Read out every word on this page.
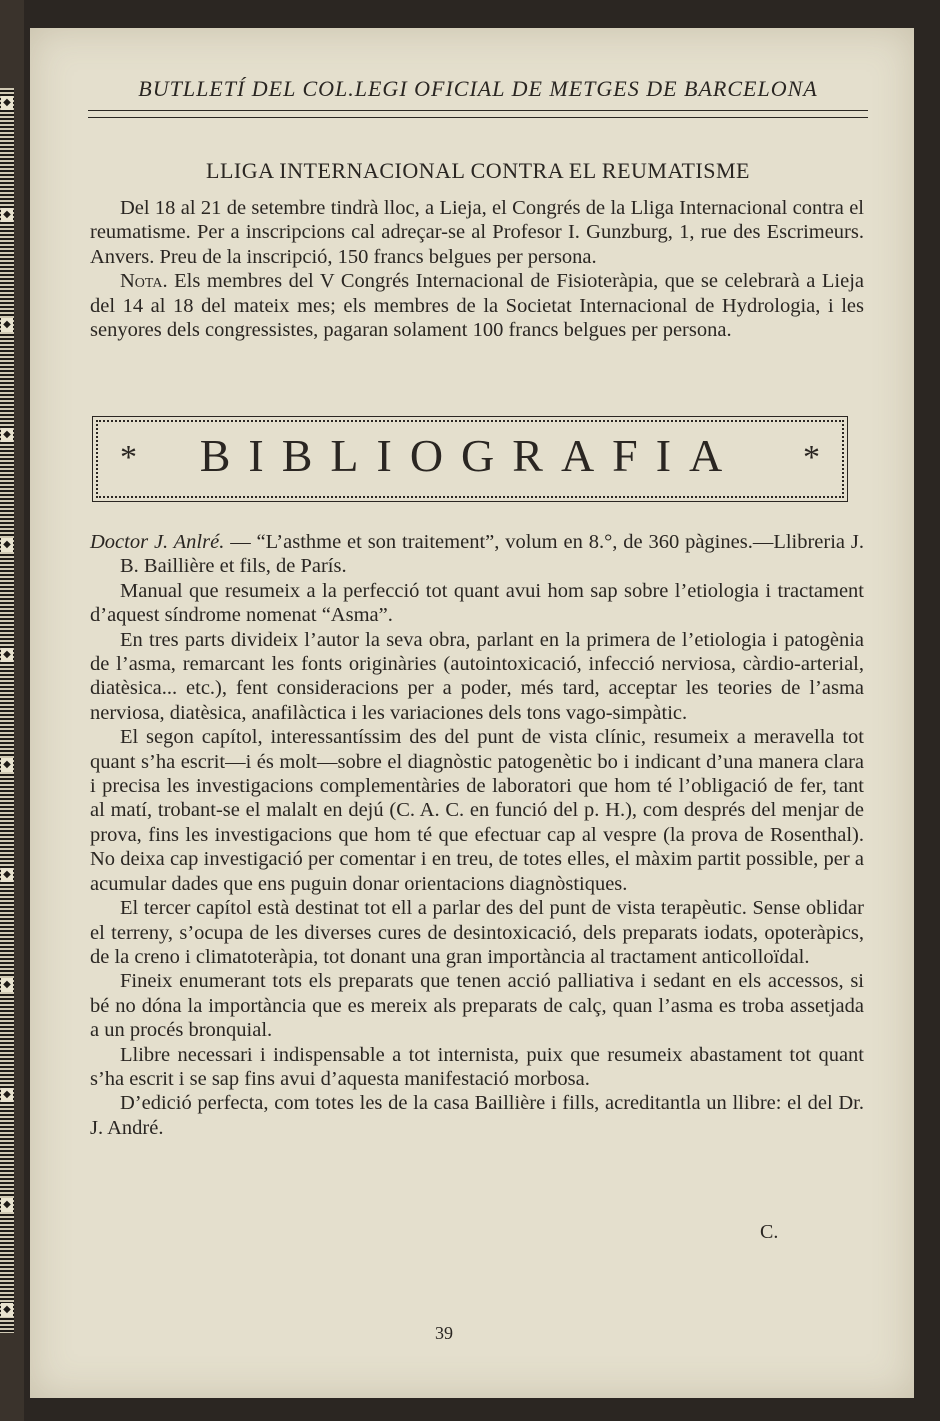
◆
◆
◆
◆
◆
◆
◆
◆
◆
◆
◆
◆
BUTLLETÍ DEL COL.LEGI OFICIAL DE METGES DE BARCELONA
LLIGA INTERNACIONAL CONTRA EL REUMATISME

Del 18 al 21 de setembre tindrà lloc, a Lieja, el Congrés de la Lliga Internacional contra el reumatisme. Per a inscripcions cal adreçar-se al Profesor I. Gunzburg, 1, rue des Escrimeurs. Anvers. Preu de la inscripció, 150 francs belgues per persona.

Nota. Els membres del V Congrés Internacional de Fisioteràpia, que se celebrarà a Lieja del 14 al 18 del mateix mes; els membres de la Societat Internacional de Hydrologia, i les senyores dels congressistes, pagaran solament 100 francs belgues per persona.

*	BIBLIOGRAFIA	*

Doctor J. Anlré. — “L’asthme et son traitement”, volum en 8.°, de 360 pàgines.—Llibreria J. B. Baillière et fils, de París.

Manual que resumeix a la perfecció tot quant avui hom sap sobre l’etiologia i tractament d’aquest síndrome nomenat “Asma”.

En tres parts divideix l’autor la seva obra, parlant en la primera de l’etiologia i patogènia de l’asma, remarcant les fonts originàries (autointoxicació, infecció nerviosa, càrdio-arterial, diatèsica... etc.), fent consideracions per a poder, més tard, acceptar les teories de l’asma nerviosa, diatèsica, anafilàctica i les variaciones dels tons vago-simpàtic.

El segon capítol, interessantíssim des del punt de vista clínic, resumeix a meravella tot quant s’ha escrit—i és molt—sobre el diagnòstic patogenètic bo i indicant d’una manera clara i precisa les investigacions complementàries de laboratori que hom té l’obligació de fer, tant al matí, trobant-se el malalt en dejú (C. A. C. en funció del p. H.), com després del menjar de prova, fins les investigacions que hom té que efectuar cap al vespre (la prova de Rosenthal). No deixa cap investigació per comentar i en treu, de totes elles, el màxim partit possible, per a acumular dades que ens puguin donar orientacions diagnòstiques.

El tercer capítol està destinat tot ell a parlar des del punt de vista terapèutic. Sense oblidar el terreny, s’ocupa de les diverses cures de desintoxicació, dels preparats iodats, opoteràpics, de la creno i climatoteràpia, tot donant una gran importància al tractament anticolloïdal.

Fineix enumerant tots els preparats que tenen acció palliativa i sedant en els accessos, si bé no dóna la importància que es mereix als preparats de calç, quan l’asma es troba assetjada a un procés bronquial.

Llibre necessari i indispensable a tot internista, puix que resumeix abastament tot quant s’ha escrit i se sap fins avui d’aquesta manifestació morbosa.

D’edició perfecta, com totes les de la casa Baillière i fills, acreditantla un llibre: el del Dr. J. André.

C.
39
